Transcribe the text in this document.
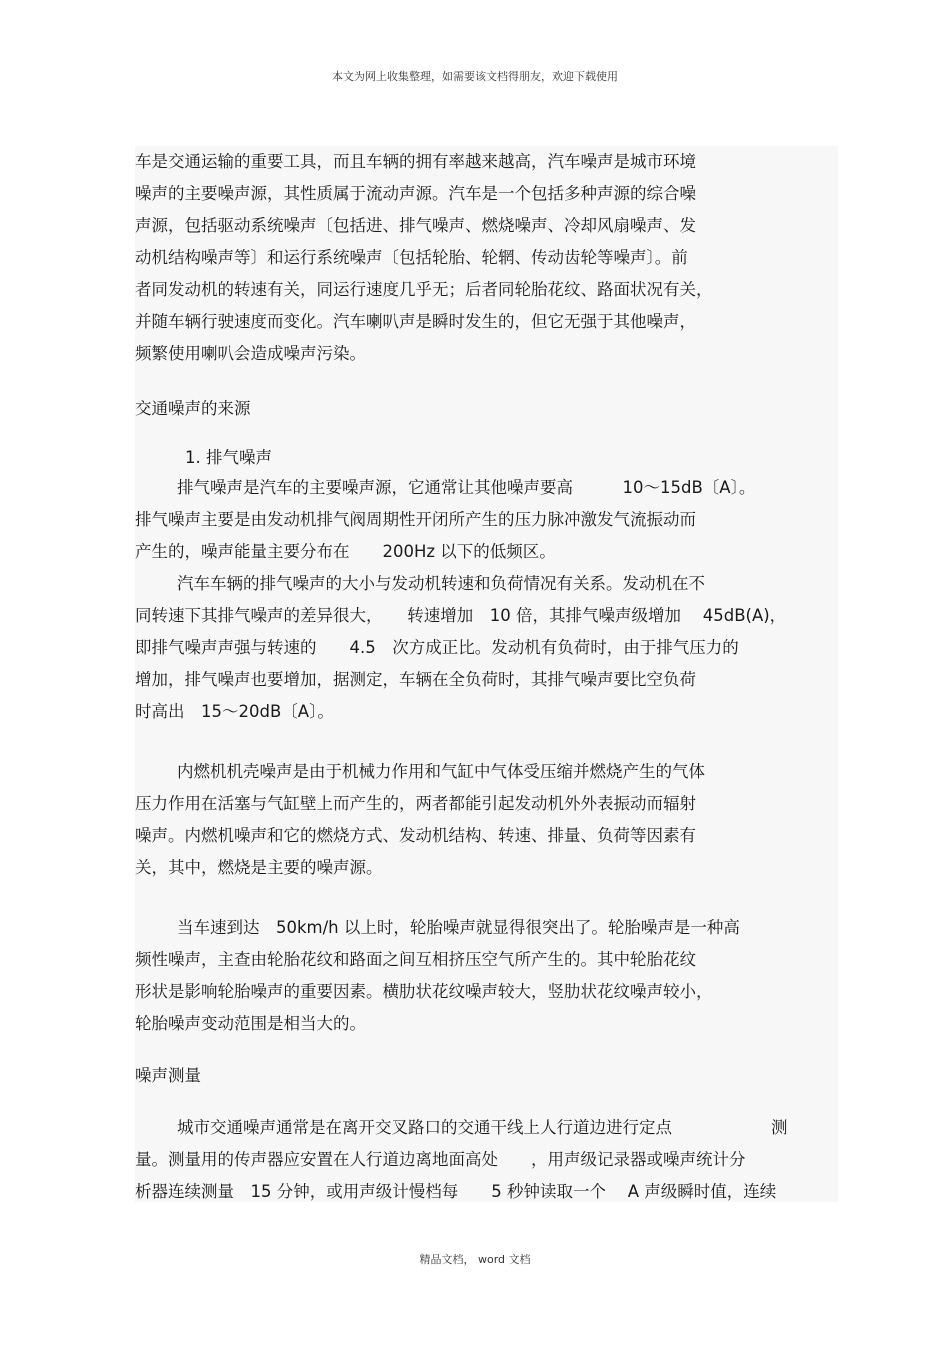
本文为网上收集整理，如需要该文档得朋友，欢迎下载使用
车是交通运输的重要工具，而且车辆的拥有率越来越高，汽车噪声是城市环境
噪声的主要噪声源，其性质属于流动声源。汽车是一个包括多种声源的综合噪
声源，包括驱动系统噪声〔包括进、排气噪声、燃烧噪声、冷却风扇噪声、发
动机结构噪声等〕和运行系统噪声〔包括轮胎、轮辋、传动齿轮等噪声〕。前
者同发动机的转速有关，同运行速度几乎无；后者同轮胎花纹、路面状况有关，
并随车辆行驶速度而变化。汽车喇叭声是瞬时发生的，但它无强于其他噪声，
频繁使用喇叭会造成噪声污染。
交通噪声的来源
1. 排气噪声
排气噪声是汽车的主要噪声源，它通常让其他噪声要高　　　10～15dB〔A〕。
排气噪声主要是由发动机排气阀周期性开闭所产生的压力脉冲激发气流振动而
产生的，噪声能量主要分布在　　200Hz 以下的低频区。
汽车车辆的排气噪声的大小与发动机转速和负荷情况有关系。发动机在不
同转速下其排气噪声的差异很大，　　转速增加　10 倍，其排气噪声级增加　 45dB(A)，
即排气噪声声强与转速的　　4.5　次方成正比。发动机有负荷时，由于排气压力的
增加，排气噪声也要增加，据测定，车辆在全负荷时，其排气噪声要比空负荷
时高出　15～20dB〔A〕。
内燃机机壳噪声是由于机械力作用和气缸中气体受压缩并燃烧产生的气体
压力作用在活塞与气缸壁上而产生的，两者都能引起发动机外外表振动而辐射
噪声。内燃机噪声和它的燃烧方式、发动机结构、转速、排量、负荷等因素有
关，其中，燃烧是主要的噪声源。
当车速到达　50km/h 以上时，轮胎噪声就显得很突出了。轮胎噪声是一种高
频性噪声，主查由轮胎花纹和路面之间互相挤压空气所产生的。其中轮胎花纹
形状是影响轮胎噪声的重要因素。横肋状花纹噪声较大，竖肋状花纹噪声较小，
轮胎噪声变动范围是相当大的。
噪声测量
城市交通噪声通常是在离开交叉路口的交通干线上人行道边进行定点　　　　　　测
量。测量用的传声器应安置在人行道边离地面高处　　，用声级记录器或噪声统计分
析器连续测量　15 分钟，或用声级计慢档每　　5 秒钟读取一个　 A 声级瞬时值，连续
精品文档， word 文档
